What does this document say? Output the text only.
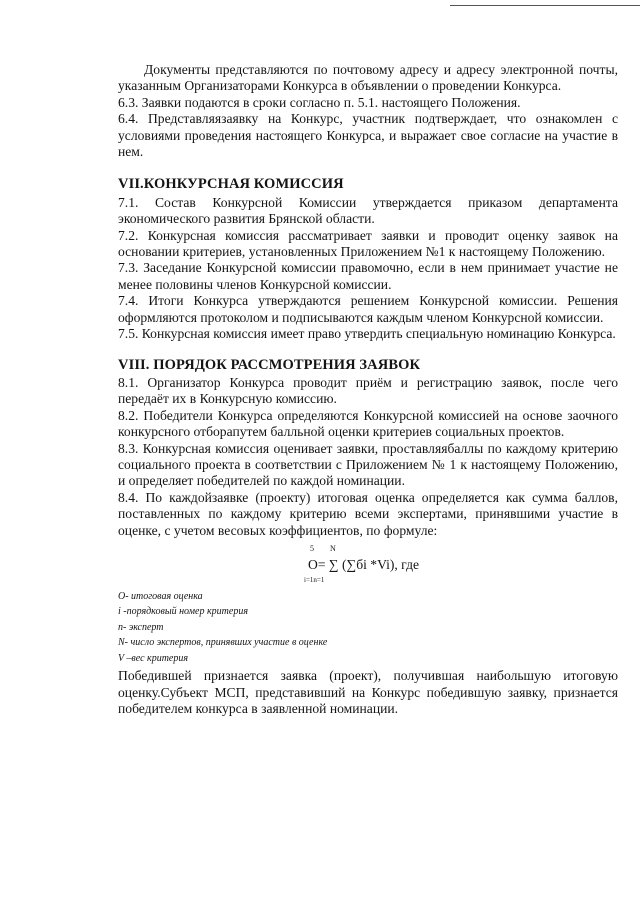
Документы представляются по почтовому адресу и адресу электронной почты, указанным Организаторами Конкурса в объявлении о проведении Конкурса.

6.3. Заявки подаются в сроки согласно п. 5.1. настоящего Положения.

6.4. Представляязаявку на Конкурс, участник подтверждает, что ознакомлен с условиями проведения настоящего Конкурса, и выражает свое согласие на участие в нем.

VII.КОНКУРСНАЯ КОМИССИЯ

7.1. Состав Конкурсной Комиссии утверждается приказом департамента экономического развития Брянской области.

7.2. Конкурсная комиссия рассматривает заявки и проводит оценку заявок на основании критериев, установленных Приложением №1 к настоящему Положению.

7.3. Заседание Конкурсной комиссии правомочно, если в нем принимает участие не менее половины членов Конкурсной комиссии.

7.4. Итоги Конкурса утверждаются решением Конкурсной комиссии. Решения оформляются протоколом и подписываются каждым членом Конкурсной комиссии.

7.5. Конкурсная комиссия имеет право утвердить специальную номинацию Конкурса.

VIII. ПОРЯДОК РАССМОТРЕНИЯ ЗАЯВОК

8.1. Организатор Конкурса проводит приём и регистрацию заявок, после чего передаёт их в Конкурсную комиссию.

8.2. Победители Конкурса определяются Конкурсной комиссией на основе заочного конкурсного отборапутем балльной оценки критериев социальных проектов.

8.3. Конкурсная комиссия оценивает заявки, проставляябаллы по каждому критерию социального проекта в соответствии с Приложением № 1 к настоящему Положению, и определяет победителей по каждой номинации.

8.4. По каждойзаявке (проекту) итоговая оценка определяется как сумма баллов, поставленных по каждому критерию всеми экспертами, принявшими участие в оценке, с учетом весовых коэффициентов, по формуле:

5 N
O= ∑ (∑бi *Vi), где
i=1n=1
О- итоговая оценка
i -порядковый номер критерия
n- эксперт
N- число экспертов, принявших участие в оценке
V –вес критерия

Победившей признается заявка (проект), получившая наибольшую итоговую оценку.Субъект МСП, представивший на Конкурс победившую заявку, признается победителем конкурса в заявленной номинации.
